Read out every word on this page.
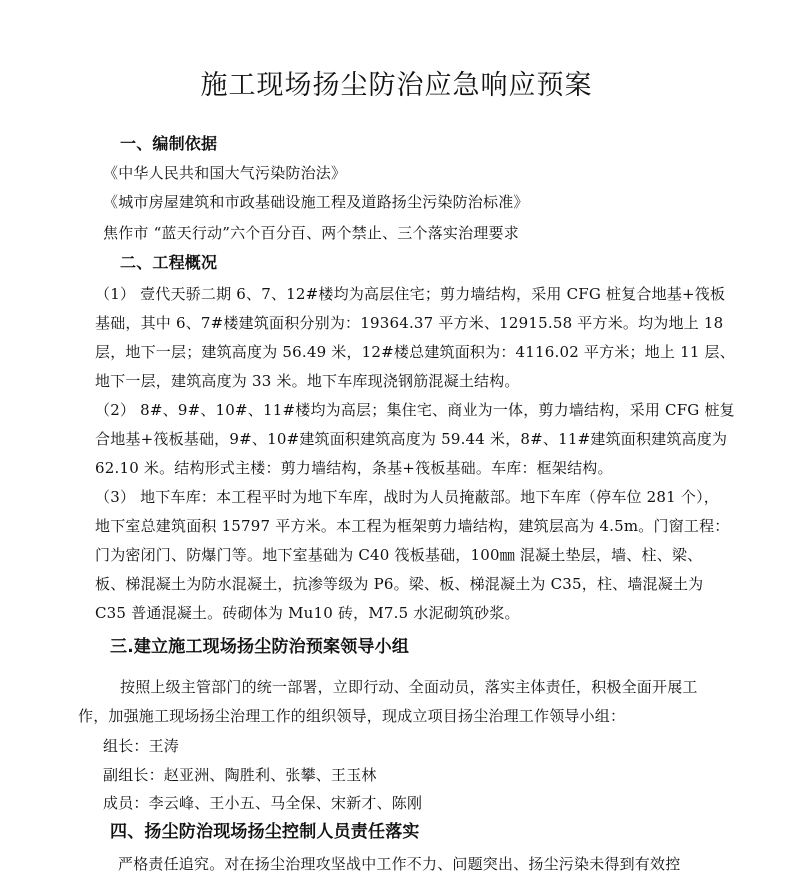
施工现场扬尘防治应急响应预案
一、编制依据
《中华人民共和国大气污染防治法》
《城市房屋建筑和市政基础设施工程及道路扬尘污染防治标准》
焦作市 “蓝天行动”六个百分百、两个禁止、三个落实治理要求
二、工程概况
（1） 壹代天骄二期 6、7、12#楼均为高层住宅；剪力墙结构，采用 CFG 桩复合地基+筏板
基础，其中 6、7#楼建筑面积分别为：19364.37 平方米、12915.58 平方米。均为地上 18
层，地下一层；建筑高度为 56.49 米，12#楼总建筑面积为：4116.02 平方米；地上 11 层、
地下一层，建筑高度为 33 米。地下车库现浇钢筋混凝土结构。
（2） 8#、9#、10#、11#楼均为高层；集住宅、商业为一体，剪力墙结构，采用 CFG 桩复
合地基+筏板基础，9#、10#建筑面积建筑高度为 59.44 米，8#、11#建筑面积建筑高度为
62.10 米。结构形式主楼：剪力墙结构，条基+筏板基础。车库：框架结构。
（3） 地下车库：本工程平时为地下车库，战时为人员掩蔽部。地下车库（停车位 281 个），
地下室总建筑面积 15797 平方米。本工程为框架剪力墙结构，建筑层高为 4.5m。门窗工程：
门为密闭门、防爆门等。地下室基础为 C40 筏板基础，100㎜ 混凝土垫层，墙、柱、梁、
板、梯混凝土为防水混凝土，抗渗等级为 P6。梁、板、梯混凝土为 C35，柱、墙混凝土为
C35 普通混凝土。砖砌体为 Mu10 砖，M7.5 水泥砌筑砂浆。
三.建立施工现场扬尘防治预案领导小组
按照上级主管部门的统一部署，立即行动、全面动员，落实主体责任，积极全面开展工
作，加强施工现场扬尘治理工作的组织领导，现成立项目扬尘治理工作领导小组：
组长：王涛
副组长：赵亚洲、陶胜利、张攀、王玉林
成员：李云峰、王小五、马全保、宋新才、陈刚
四、扬尘防治现场扬尘控制人员责任落实
严格责任追究。对在扬尘治理攻坚战中工作不力、问题突出、扬尘污染未得到有效控
